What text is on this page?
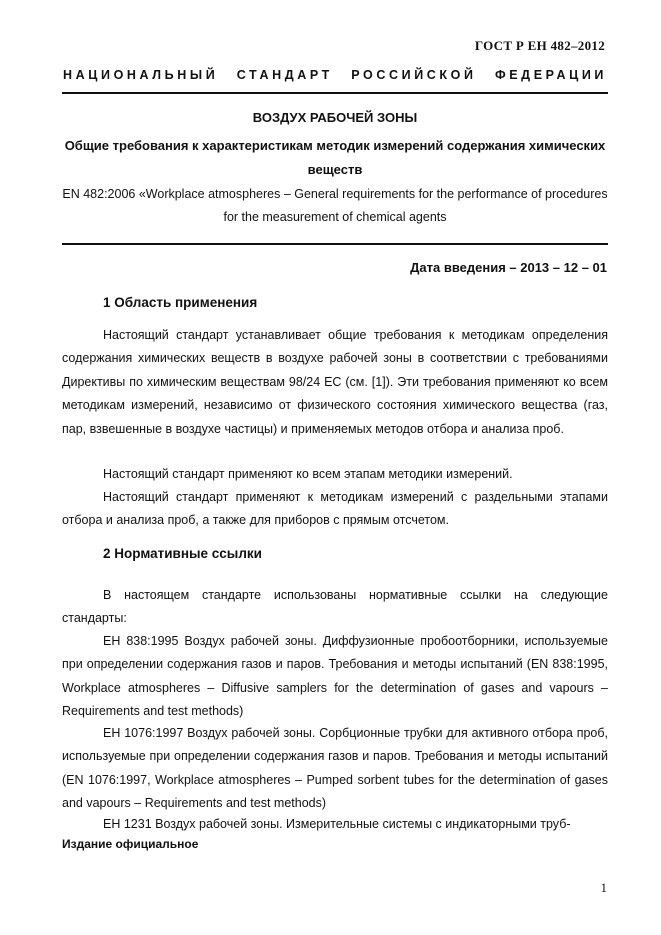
ГОСТ Р ЕН 482–2012
НАЦИОНАЛЬНЫЙ СТАНДАРТ РОССИЙСКОЙ ФЕДЕРАЦИИ
ВОЗДУХ РАБОЧЕЙ ЗОНЫ
Общие требования к характеристикам методик измерений содержания химических веществ
EN 482:2006 «Workplace atmospheres – General requirements for the performance of procedures for the measurement of chemical agents
Дата введения – 2013 – 12 – 01
1 Область применения
Настоящий стандарт устанавливает общие требования к методикам определения содержания химических веществ в воздухе рабочей зоны в соответствии с требованиями Директивы по химическим веществам 98/24 ЕС (см. [1]). Эти требования применяют ко всем методикам измерений, независимо от физического состояния химического вещества (газ, пар, взвешенные в воздухе частицы) и применяемых методов отбора и анализа проб.
Настоящий стандарт применяют ко всем этапам методики измерений.
Настоящий стандарт применяют к методикам измерений с раздельными этапами отбора и анализа проб, а также для приборов с прямым отсчетом.
2 Нормативные ссылки
В настоящем стандарте использованы нормативные ссылки на следующие стандарты:
ЕН 838:1995 Воздух рабочей зоны. Диффузионные пробоотборники, используемые при определении содержания газов и паров. Требования и методы испытаний (EN 838:1995, Workplace atmospheres – Diffusive samplers for the determination of gases and vapours – Requirements and test methods)
ЕН 1076:1997 Воздух рабочей зоны. Сорбционные трубки для активного отбора проб, используемые при определении содержания газов и паров. Требования и методы испытаний (EN 1076:1997, Workplace atmospheres – Pumped sorbent tubes for the determination of gases and vapours – Requirements and test methods)
ЕН 1231 Воздух рабочей зоны. Измерительные системы с индикаторными труб-
Издание официальное
1
